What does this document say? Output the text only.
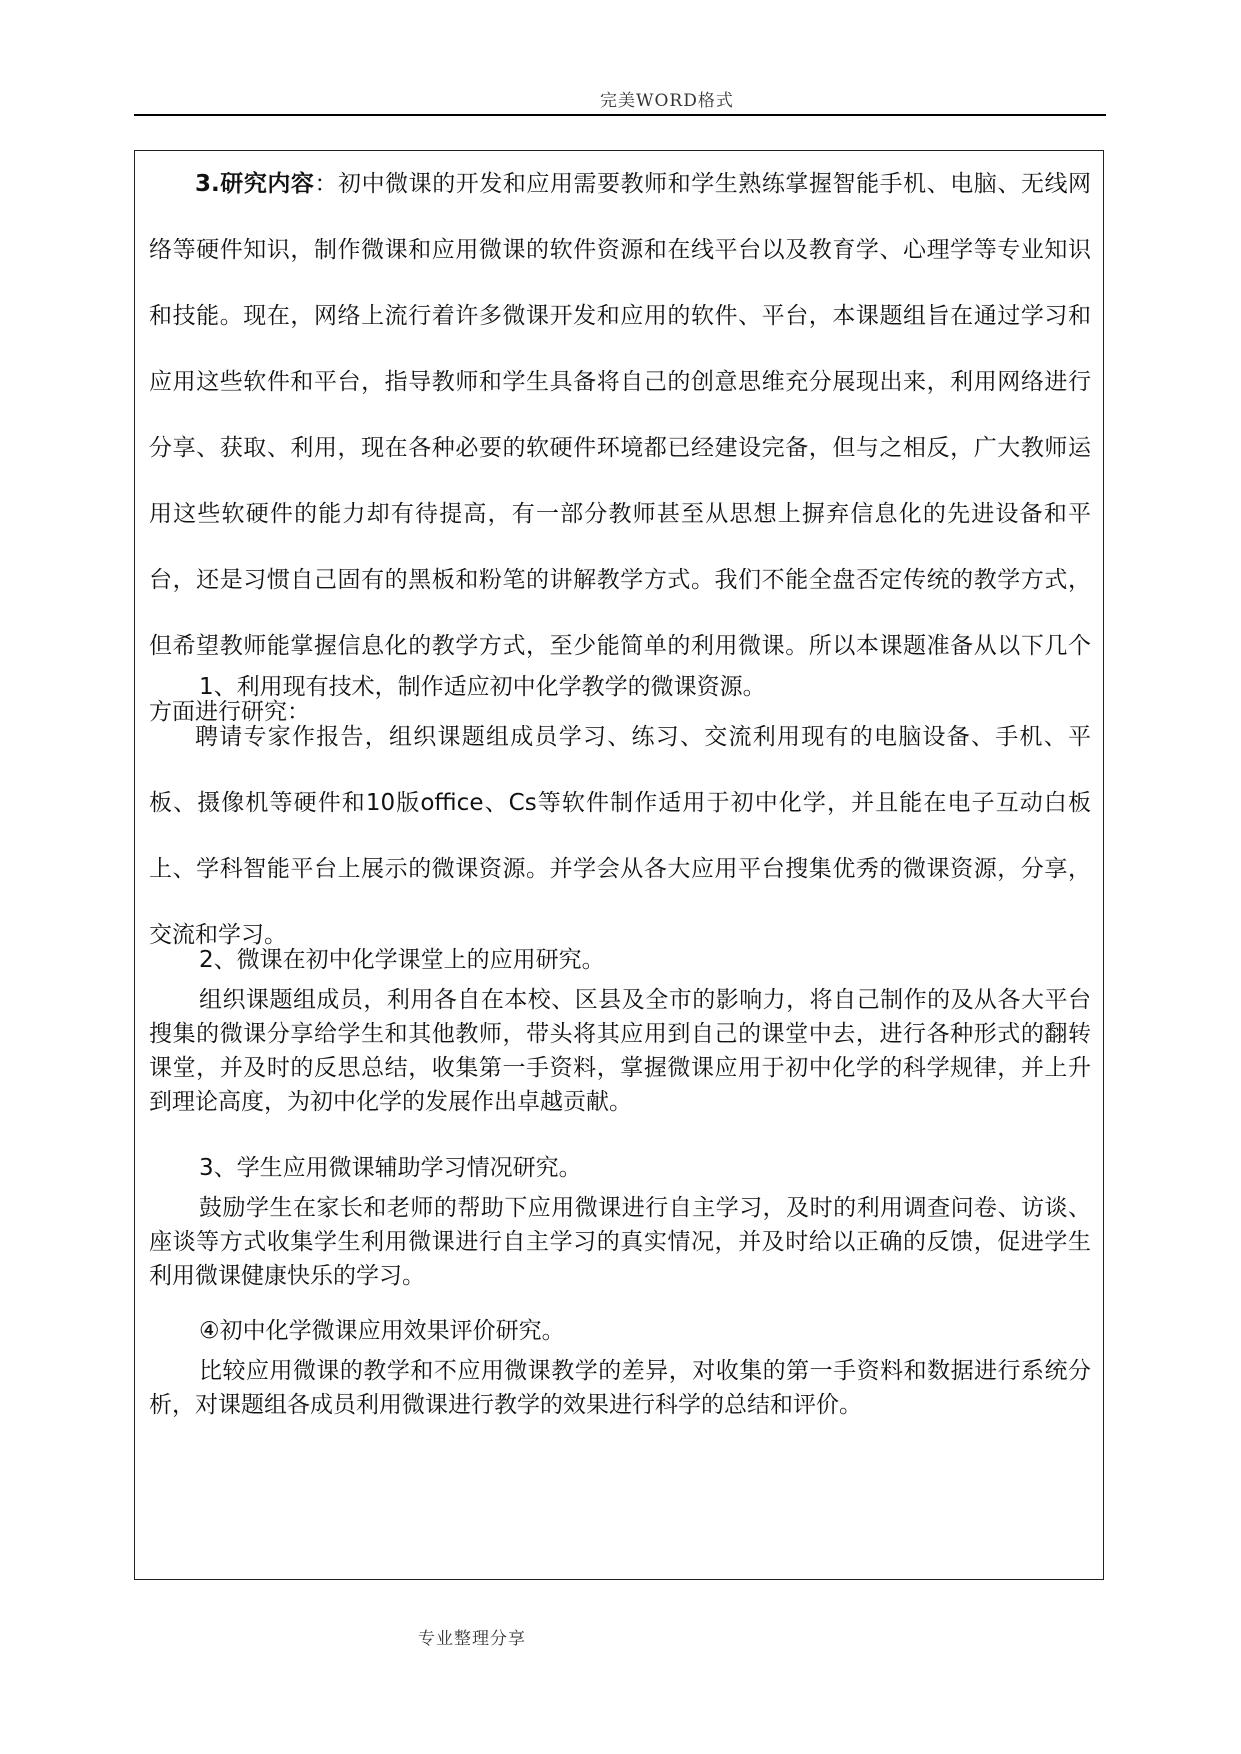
完美WORD格式

3.研究内容：初中微课的开发和应用需要教师和学生熟练掌握智能手机、电脑、无线网络等硬件知识，制作微课和应用微课的软件资源和在线平台以及教育学、心理学等专业知识和技能。现在，网络上流行着许多微课开发和应用的软件、平台，本课题组旨在通过学习和应用这些软件和平台，指导教师和学生具备将自己的创意思维充分展现出来，利用网络进行分享、获取、利用，现在各种必要的软硬件环境都已经建设完备，但与之相反，广大教师运用这些软硬件的能力却有待提高，有一部分教师甚至从思想上摒弃信息化的先进设备和平台，还是习惯自己固有的黑板和粉笔的讲解教学方式。我们不能全盘否定传统的教学方式，但希望教师能掌握信息化的教学方式，至少能简单的利用微课。所以本课题准备从以下几个方面进行研究：

1、利用现有技术，制作适应初中化学教学的微课资源。

聘请专家作报告，组织课题组成员学习、练习、交流利用现有的电脑设备、手机、平板、摄像机等硬件和10版office、Cs等软件制作适用于初中化学，并且能在电子互动白板上、学科智能平台上展示的微课资源。并学会从各大应用平台搜集优秀的微课资源，分享，交流和学习。

2、微课在初中化学课堂上的应用研究。

组织课题组成员，利用各自在本校、区县及全市的影响力，将自己制作的及从各大平台搜集的微课分享给学生和其他教师，带头将其应用到自己的课堂中去，进行各种形式的翻转课堂，并及时的反思总结，收集第一手资料，掌握微课应用于初中化学的科学规律，并上升到理论高度，为初中化学的发展作出卓越贡献。

3、学生应用微课辅助学习情况研究。

鼓励学生在家长和老师的帮助下应用微课进行自主学习，及时的利用调查问卷、访谈、座谈等方式收集学生利用微课进行自主学习的真实情况，并及时给以正确的反馈，促进学生利用微课健康快乐的学习。

④初中化学微课应用效果评价研究。

比较应用微课的教学和不应用微课教学的差异，对收集的第一手资料和数据进行系统分析，对课题组各成员利用微课进行教学的效果进行科学的总结和评价。

专业整理分享
